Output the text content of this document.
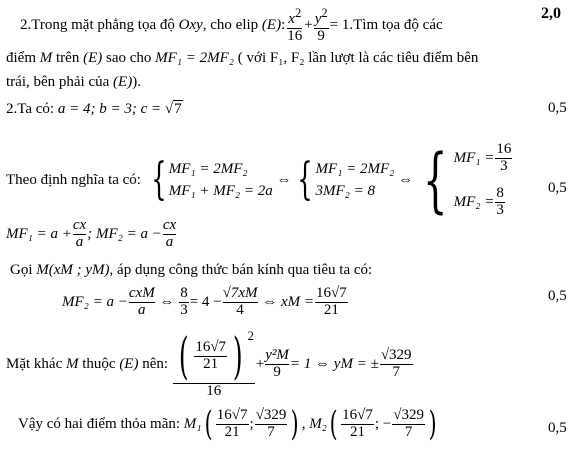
2. Trong mặt phẳng tọa độ
Oxy , cho elip
(E) : $\frac{x^2}{16} + \frac{y^2}{9} = 1$ .Tìm tọa độ các
2,0
điểm M trên (E) sao cho MF₁ = 2MF₂ ( với F₁, F₂ lần lượt là các tiêu điểm bên
trái, bên phải của (E)).
2.Ta có: a = 4; b = 3; c = √7	0,5
Theo định nghĩa ta có:
{ MF₁ = 2MF₂
MF₁ + MF₂ = 2a

⇔ { MF₁ = 2MF₂
3MF₂ = 8

⇔ { $MF_1 = \frac{16}{3}$
$MF_2 = \frac{8}{3}$	0,5
$MF_1 = a + \frac{cx}{a}$ ; $MF_2 = a - \frac{cx}{a}$
Gọi M(xM ; yM), áp dụng công thức bán kính qua tiêu ta có:
$MF_2 = a - \frac{\text{cxM}}{a}$
⇔
$\frac{8}{3} = 4 - \frac{√7xM}{4}$
⇔
xM = $\frac{16√7}{21}$	0,5
Mặt khác
M
thuộc
(E)
nên:
$\frac{( \frac{16√7}{21} ) ^2}{16} + \frac{\text{y²M}}{9} = 1$ ⇔ yM = ± $\frac{√329}{7}$
Vậy có hai điểm thỏa mãn:
M₁ ( $\frac{16√7}{21}$ ; $\frac{√329}{7}$ ) ,
M₂ ( $\frac{16√7}{21}$ ; − $\frac{√329}{7}$ )	0,5
